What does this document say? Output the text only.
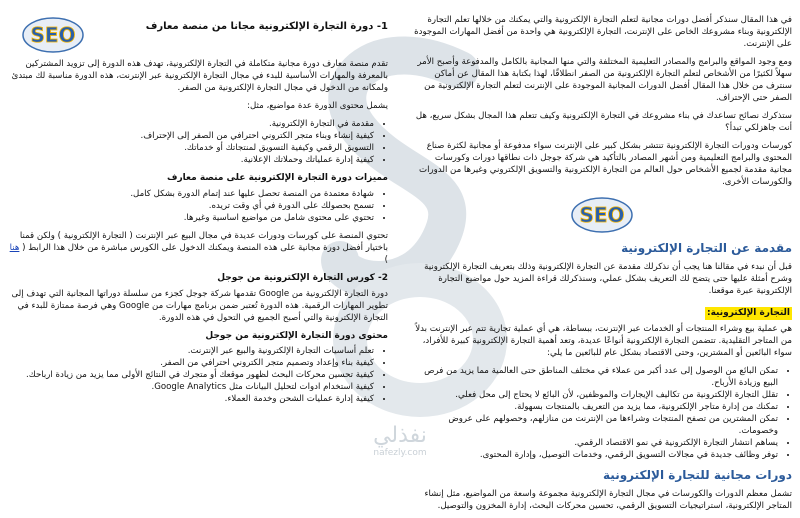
نفذلي
nafezly.com
SEO	1- دورة التجارة الإلكترونية مجانا من منصة معارف

تقدم منصة معارف دورة مجانية متكاملة في التجارة الإلكترونية، تهدف هذه الدورة إلى تزويد المشتركين بالمعرفة والمهارات الأساسية للبدء في مجال التجارة الإلكترونية عبر الإنترنت، هذه الدورة مناسبة لك مبتدئ ولمكانه من الدخول في مجال التجارة الإلكترونية من الصفر.

يشمل محتوى الدورة عدة مواضيع، مثل:

• مقدمة في التجارة الإلكترونية.
• كيفية إنشاء وبناء متجر الكتروني احترافي من الصفر إلى الإحتراف.
• التسويق الرقمي وكيفية التسويق لمنتجاتك أو خدماتك.
• كيفية إدارة عملياتك وحملاتك الإعلانية.
مميزات دورة التجارة الإلكترونية على منصة معارف
• شهادة معتمدة من المنصة تحصل عليها عند إتمام الدورة بشكل كامل.
• تسمح بحصولك على الدورة في أي وقت تريده.
• تحتوي على محتوى شامل من مواضيع اساسية وغيرها.

تحتوي المنصة على كورسات ودورات عديدة في مجال البيع عبر الإنترنت ( التجارة الإلكترونية ) ولكن قمنا باختيار أفضل دورة مجانية على هذه المنصة ويمكنك الدخول على الكورس مباشرة من خلال هذا الرابط ( هنا )

2- كورس التجارة الإلكترونية من جوجل

دورة التجارة الإلكترونية من Google تقدمها شركة جوجل كجزء من سلسلة دوراتها المجانية التي تهدف إلى تطوير المهارات الرقمية. هذه الدورة تُعتبر ضمن برنامج مهارات من Google وهي فرصة ممتازة للبدء في التجارة الإلكترونية والتي أصبح الجميع في التحول في هذه الدورة.

محتوى دورة التجارة الإلكترونية من جوجل
• تعلم أساسيات التجارة الإلكترونية والبيع عبر الإنترنت.
• كيفية بناء وإعداد وتصميم متجر الكتروني احترافي من الصفر.
• كيفية تحسين محركات البحث لظهور موقعك أو متجرك في النتائج الأولى مما يزيد من زيادة ارباحك.
• كيفية استخدام ادوات لتحليل البيانات مثل Google Analytics.
• كيفية إدارة عمليات الشحن وخدمة العملاء.

في هذا المقال سنذكر أفضل دورات مجانية لتعلم التجارة الإلكترونية والتي يمكنك من خلالها تعلم التجارة الإلكترونية وبناء مشروعك الخاص على الإنترنت، التجارة الإلكترونية هي واحدة من أفضل المهارات الموجودة على الإنترنت.

ومع وجود المواقع والبرامج والمصادر التعليمية المختلفة والتي منها المجانية بالكامل والمدفوعة وأصبح الأمر سهلاً لكثيرًا من الأشخاص لتعلم التجارة الإلكترونية من الصفر انطلاقًا، لهذا بكتابة هذا المقال عن أماكن سنترف من خلال هذا المقال أفضل الدورات المجانية الموجودة على الإنترنت لتعلم التجارة الإلكترونية من الصفر حتى الإحتراف.

ستذكرك نصائح تساعدك في بناء مشروعك في التجارة الإلكترونية وكيف تتعلم هذا المجال بشكل سريع، هل أنت جاهزلكي تبدأ؟

كورسات ودورات التجارة الإلكترونية تنتشر بشكل كبير على الإنترنت سواء مدفوعة أو مجانية لكثرة صناع المحتوى والبرامج التعليمية ومن أشهر المصادر بالتأكيد هي شركة جوجل ذات نطاقها دورات وكورسات مجانية مقدمة لجميع الأشخاص حول العالم من التجارة الإلكترونية والتسويق الإلكتروني وغيرها من الدورات والكورسات الأخرى.

SEO
مقدمة عن التجارة الإلكترونية

قبل أن نبدء في مقالنا هنا يجب أن نذكرلك مقدمة عن التجارة الإلكترونية وذلك بتعريف التجارة الإلكترونية وشرح أمثلة عليها حتى يتضح لك التعريف بشكل عملي، وسنذكرلك قراءة المزيد حول مواضيع التجارة الإلكترونية عبرة موقعنا.

التجارة الإلكترونية:

هي عملية بيع وشراء المنتجات أو الخدمات عبر الإنترنت، ببساطة، هي أي عملية تجارية تتم عبر الإنترنت بدلاً من المتاجر التقليدية. تتضمن التجارة الإلكترونية أنواعًا عديدة، وتعد أهمية التجارة الإلكترونية كبيرة للأفراد، سواء البائعين أو المشترين، وحتى الاقتصاد بشكل عام للبائعين ما يلي:

• تمكن البائع من الوصول إلى عدد أكبر من عملاء في مختلف المناطق حتى العالمية مما يزيد من فرص البيع وزيادة الأرباح.
• تقلل التجارة الإلكترونية من تكاليف الإيجارات والموظفين، لأن البائع لا يحتاج إلى محل فعلي.
• تمكنك من إدارة متاجر الإلكترونية، مما يزيد من التعريف بالمنتجات بسهولة.
• تمكن المشترين من تصفح المنتجات وشراءها من الإنترنت من منازلهم، وحصولهم على عروض وخصومات.
• يساهم انتشار التجارة الإلكترونية في نمو الاقتصاد الرقمي.
• توفر وظائف جديدة في مجالات التسويق الرقمي، وخدمات التوصيل، وإدارة المحتوى.
دورات مجانية للتجارة الإلكترونية

تشمل معظم الدورات والكورسات في مجال التجارة الإلكترونية مجموعة واسعة من المواضيع، مثل إنشاء المتاجر الإلكترونية، استراتيجيات التسويق الرقمي، تحسين محركات البحث، إدارة المخزون والتوصيل.
